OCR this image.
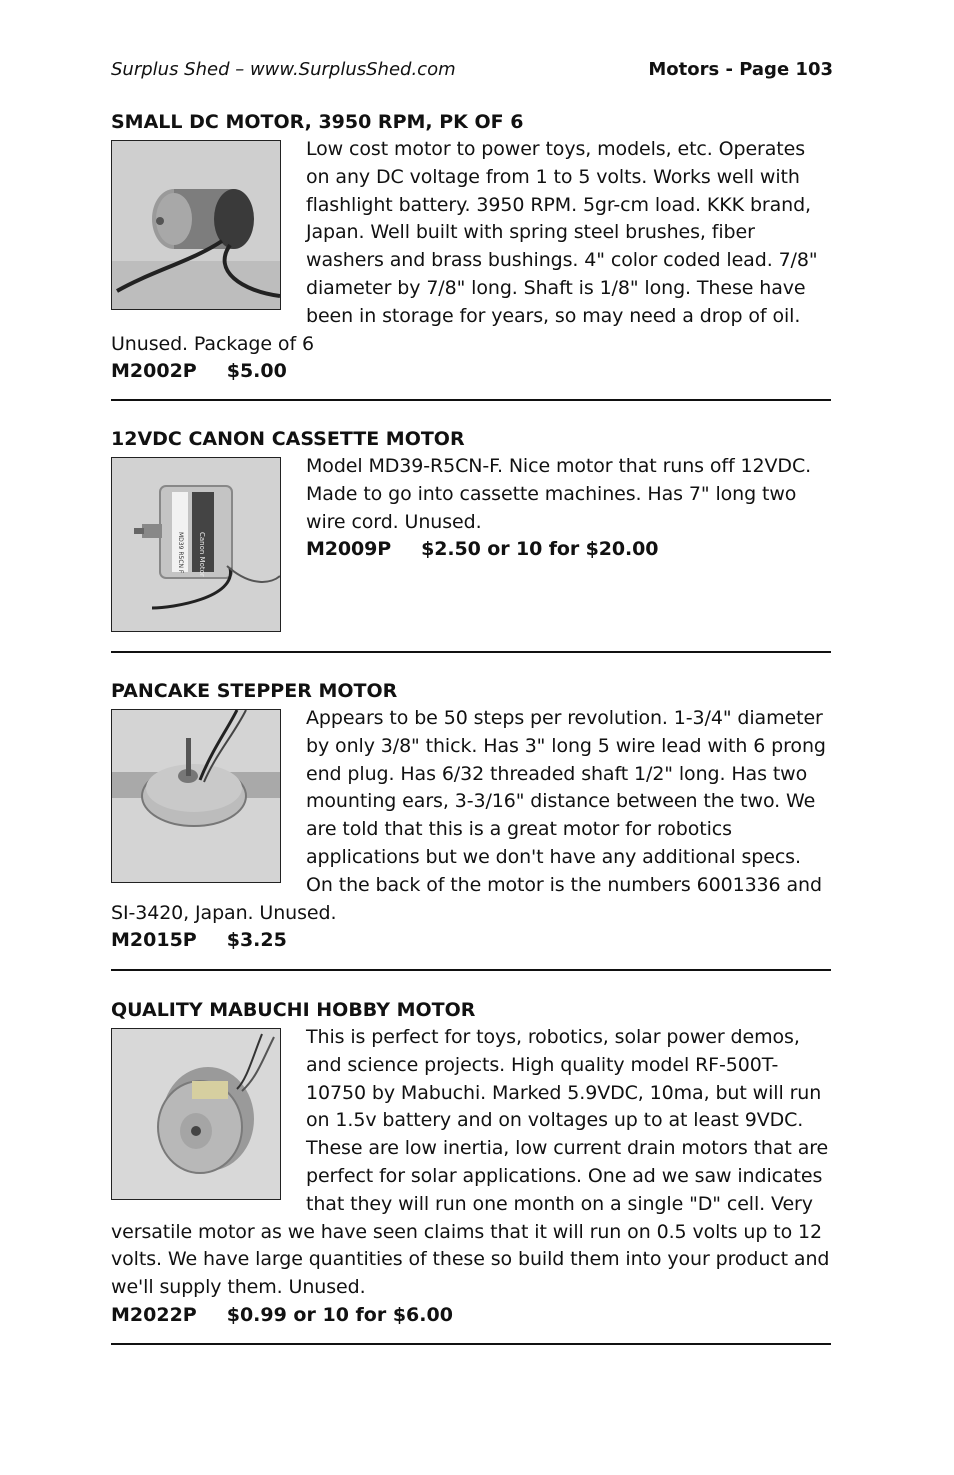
Surplus Shed – www.SurplusShed.com	Motors - Page 103
SMALL DC MOTOR, 3950 RPM, PK OF 6

Low cost motor to power toys, models, etc. Operates on any DC voltage from 1 to 5 volts. Works well with flashlight battery. 3950 RPM. 5gr-cm load. KKK brand, Japan. Well built with spring steel brushes, fiber washers and brass bushings. 4" color coded lead. 7/8" diameter by 7/8" long. Shaft is 1/8" long. These have been in storage for years, so may need a drop of oil. Unused. Package of 6

M2002P $5.00
12VDC CANON CASSETTE MOTOR
Canon Motor
MD39 R5CN F

Model MD39-R5CN-F. Nice motor that runs off 12VDC. Made to go into cassette machines. Has 7" long two wire cord. Unused.
M2009P $2.50 or 10 for $20.00

PANCAKE STEPPER MOTOR

Appears to be 50 steps per revolution. 1-3/4" diameter by only 3/8" thick. Has 3" long 5 wire lead with 6 prong end plug. Has 6/32 threaded shaft 1/2" long. Has two mounting ears, 3-3/16" distance between the two. We are told that this is a great motor for robotics applications but we don't have any additional specs. On the back of the motor is the numbers 6001336 and SI-3420, Japan. Unused.

M2015P $3.25
QUALITY MABUCHI HOBBY MOTOR

This is perfect for toys, robotics, solar power demos, and science projects. High quality model RF-500T-10750 by Mabuchi. Marked 5.9VDC, 10ma, but will run on 1.5v battery and on voltages up to at least 9VDC. These are low inertia, low current drain motors that are perfect for solar applications. One ad we saw indicates that they will run one month on a single "D" cell. Very versatile motor as we have seen claims that it will run on 0.5 volts up to 12 volts. We have large quantities of these so build them into your product and we'll supply them. Unused.

M2022P $0.99 or 10 for $6.00
